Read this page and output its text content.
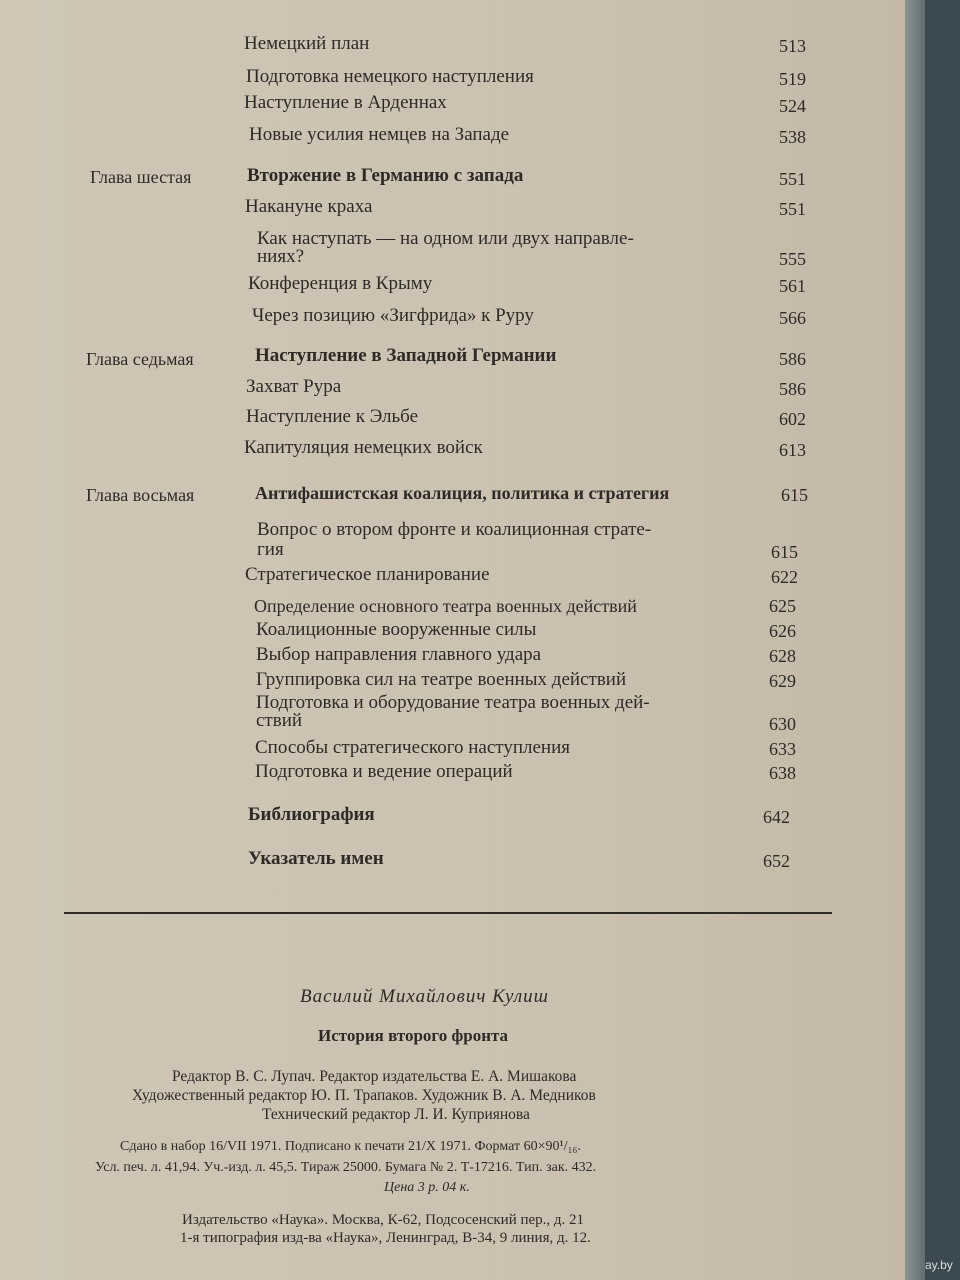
Немецкий план	513
Подготовка немецкого наступления	519
Наступление в Арденнах	524
Новые усилия немцев на Западе	538
Глава шестая	Вторжение в Германию с запада	551
Накануне краха	551
Как наступать — на одном или двух направле-
ниях?	555
Конференция в Крыму	561
Через позицию «Зигфрида» к Руру	566
Глава седьмая	Наступление в Западной Германии	586
Захват Рура	586
Наступление к Эльбе	602
Капитуляция немецких войск	613
Глава восьмая	Антифашистская коалиция, политика и стратегия	615
Вопрос о втором фронте и коалиционная страте-
гия	615
Стратегическое планирование	622
Определение основного театра военных действий	625
Коалиционные вооруженные силы	626
Выбор направления главного удара	628
Группировка сил на театре военных действий	629
Подготовка и оборудование театра военных дей-
ствий	630
Способы стратегического наступления	633
Подготовка и ведение операций	638
Библиография	642
Указатель имен	652
Василий Михайлович Кулиш
История второго фронта
Редактор В. С. Лупач. Редактор издательства Е. А. Мишакова
Художественный редактор Ю. П. Трапаков. Художник В. А. Медников
Технический редактор Л. И. Куприянова
Сдано в набор 16/VII 1971. Подписано к печати 21/X 1971. Формат 60×90¹/₁₆.
Усл. печ. л. 41,94. Уч.-изд. л. 45,5. Тираж 25000. Бумага № 2. Т-17216. Тип. зак. 432.
Цена 3 р. 04 к.
Издательство «Наука». Москва, К-62, Подсосенский пер., д. 21
1-я типография изд-ва «Наука», Ленинград, В-34, 9 линия, д. 12.
ay.by
